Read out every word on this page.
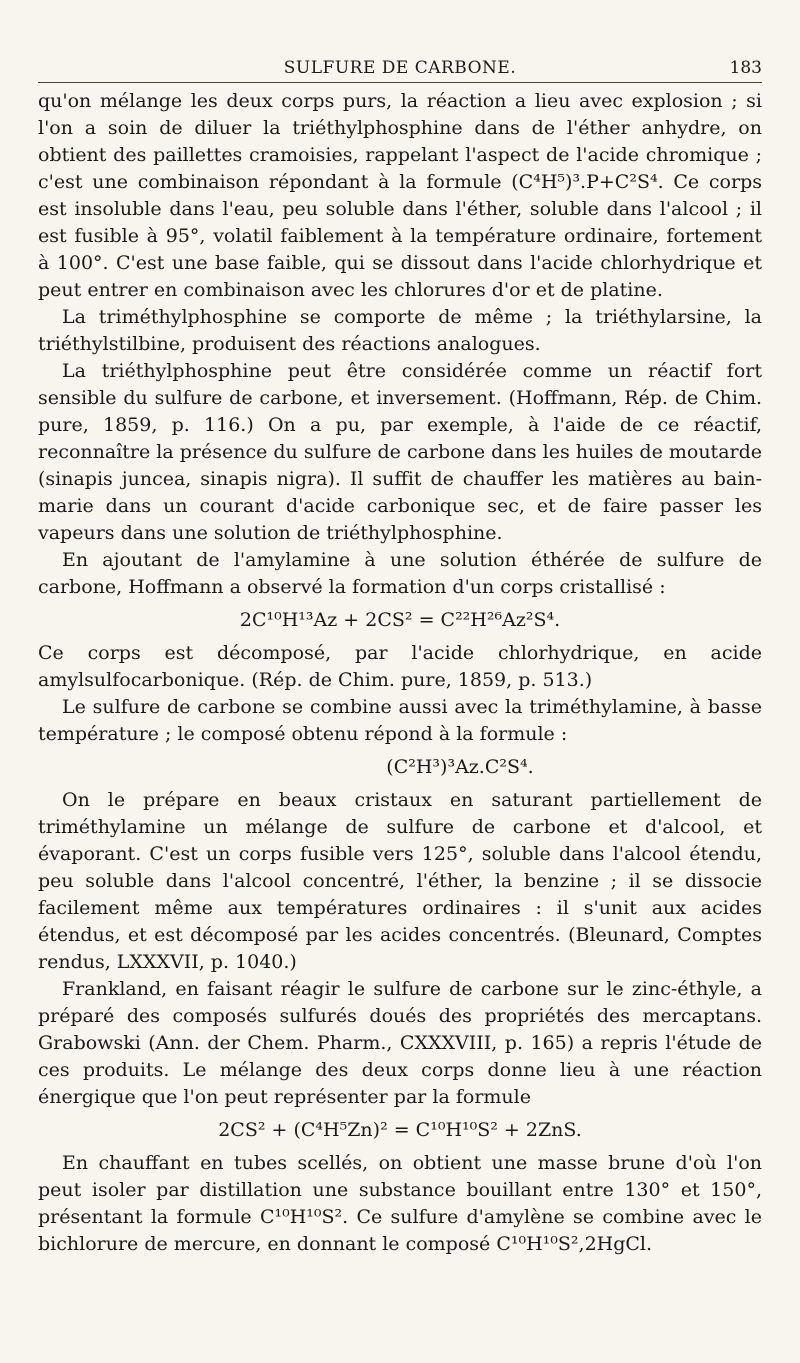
SULFURE DE CARBONE.	183

qu'on mélange les deux corps purs, la réaction a lieu avec explosion ; si l'on a soin de diluer la triéthylphosphine dans de l'éther anhydre, on obtient des paillettes cramoisies, rappelant l'aspect de l'acide chromique ; c'est une combinaison répondant à la formule (C⁴H⁵)³.P+C²S⁴. Ce corps est insoluble dans l'eau, peu soluble dans l'éther, soluble dans l'alcool ; il est fusible à 95°, volatil faiblement à la température ordinaire, fortement à 100°. C'est une base faible, qui se dissout dans l'acide chlorhydrique et peut entrer en combinaison avec les chlorures d'or et de platine.

La triméthylphosphine se comporte de même ; la triéthylarsine, la triéthylstilbine, produisent des réactions analogues.

La triéthylphosphine peut être considérée comme un réactif fort sensible du sulfure de carbone, et inversement. (Hoffmann, Rép. de Chim. pure, 1859, p. 116.) On a pu, par exemple, à l'aide de ce réactif, reconnaître la présence du sulfure de carbone dans les huiles de moutarde (sinapis juncea, sinapis nigra). Il suffit de chauffer les matières au bain-marie dans un courant d'acide carbonique sec, et de faire passer les vapeurs dans une solution de triéthylphosphine.

En ajoutant de l'amylamine à une solution éthérée de sulfure de carbone, Hoffmann a observé la formation d'un corps cristallisé :

2C¹⁰H¹³Az + 2CS² = C²²H²⁶Az²S⁴.

Ce corps est décomposé, par l'acide chlorhydrique, en acide amylsulfocarbonique. (Rép. de Chim. pure, 1859, p. 513.)

Le sulfure de carbone se combine aussi avec la triméthylamine, à basse température ; le composé obtenu répond à la formule :

(C²H³)³Az.C²S⁴.

On le prépare en beaux cristaux en saturant partiellement de triméthylamine un mélange de sulfure de carbone et d'alcool, et évaporant. C'est un corps fusible vers 125°, soluble dans l'alcool étendu, peu soluble dans l'alcool concentré, l'éther, la benzine ; il se dissocie facilement même aux températures ordinaires : il s'unit aux acides étendus, et est décomposé par les acides concentrés. (Bleunard, Comptes rendus, LXXXVII, p. 1040.)

Frankland, en faisant réagir le sulfure de carbone sur le zinc-éthyle, a préparé des composés sulfurés doués des propriétés des mercaptans. Grabowski (Ann. der Chem. Pharm., CXXXVIII, p. 165) a repris l'étude de ces produits. Le mélange des deux corps donne lieu à une réaction énergique que l'on peut représenter par la formule

2CS² + (C⁴H⁵Zn)² = C¹⁰H¹⁰S² + 2ZnS.

En chauffant en tubes scellés, on obtient une masse brune d'où l'on peut isoler par distillation une substance bouillant entre 130° et 150°, présentant la formule C¹⁰H¹⁰S². Ce sulfure d'amylène se combine avec le bichlorure de mercure, en donnant le composé C¹⁰H¹⁰S²,2HgCl.
